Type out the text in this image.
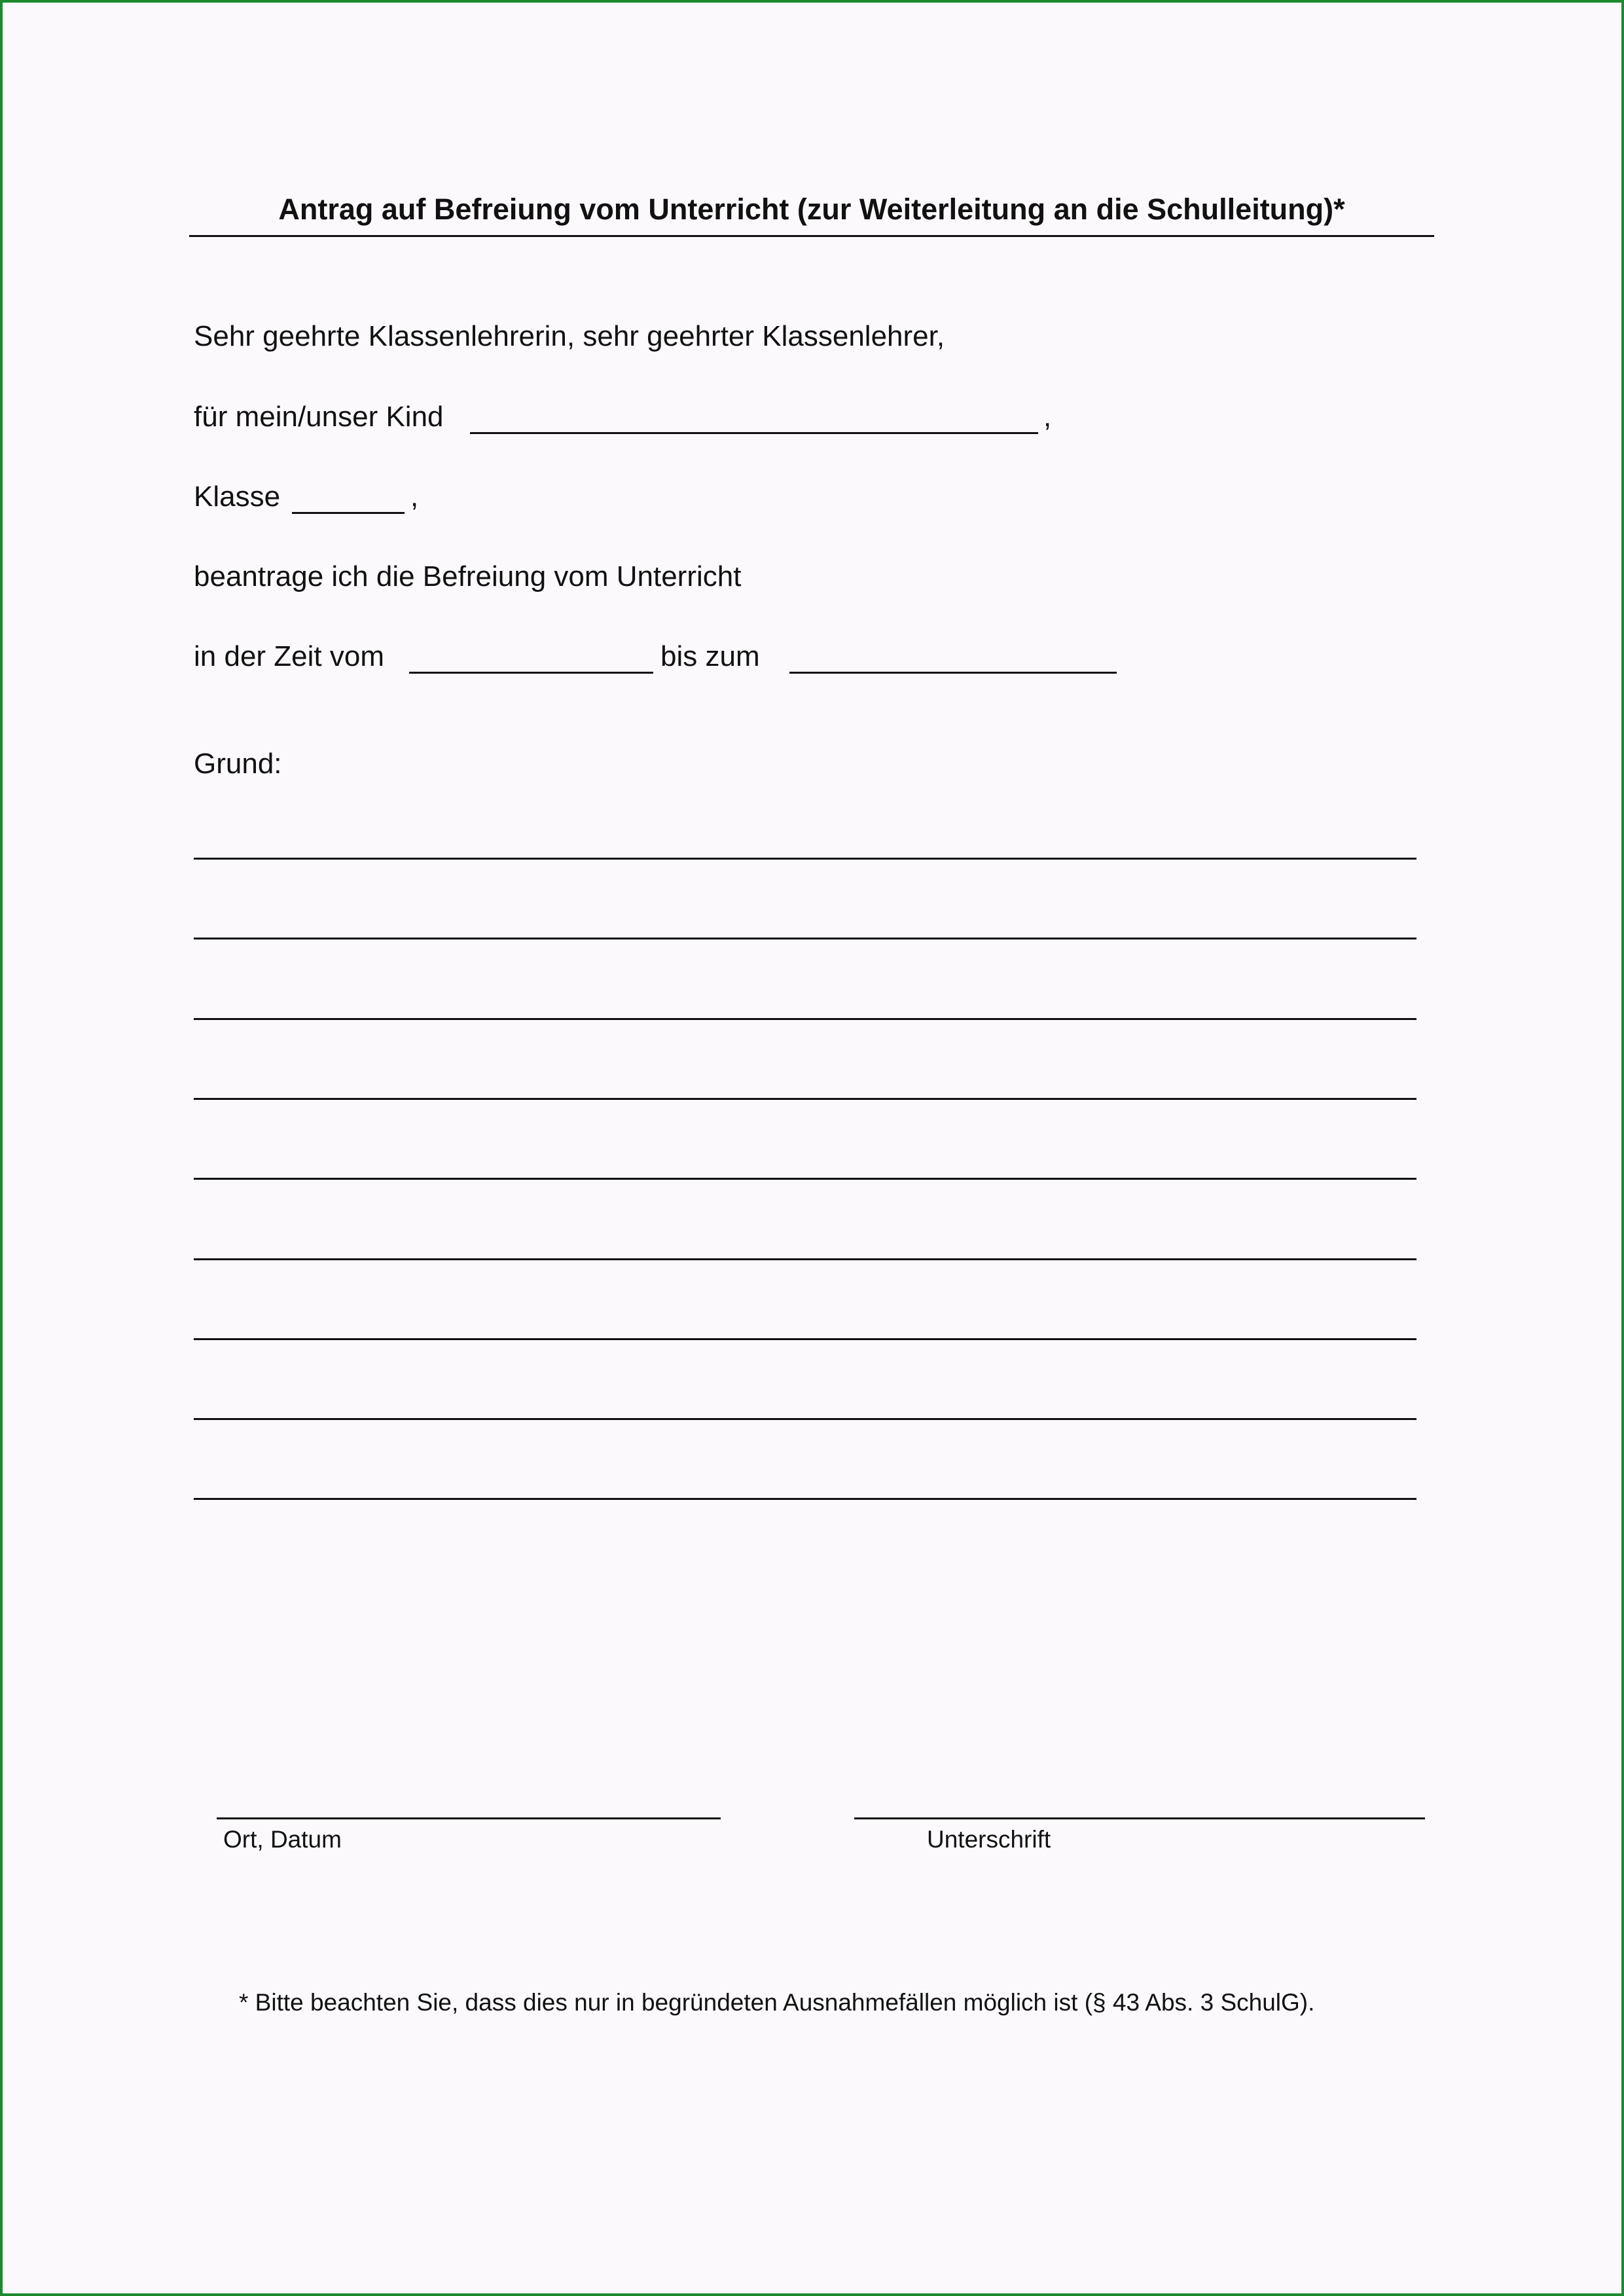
Antrag auf Befreiung vom Unterricht (zur Weiterleitung an die Schulleitung)*
Sehr geehrte Klassenlehrerin, sehr geehrter Klassenlehrer,
für mein/unser Kind	,
Klasse	,
beantrage ich die Befreiung vom Unterricht
in der Zeit vom	bis zum
Grund:
Ort, Datum	Unterschrift
* Bitte beachten Sie, dass dies nur in begründeten Ausnahmefällen möglich ist (§ 43 Abs. 3 SchulG).
